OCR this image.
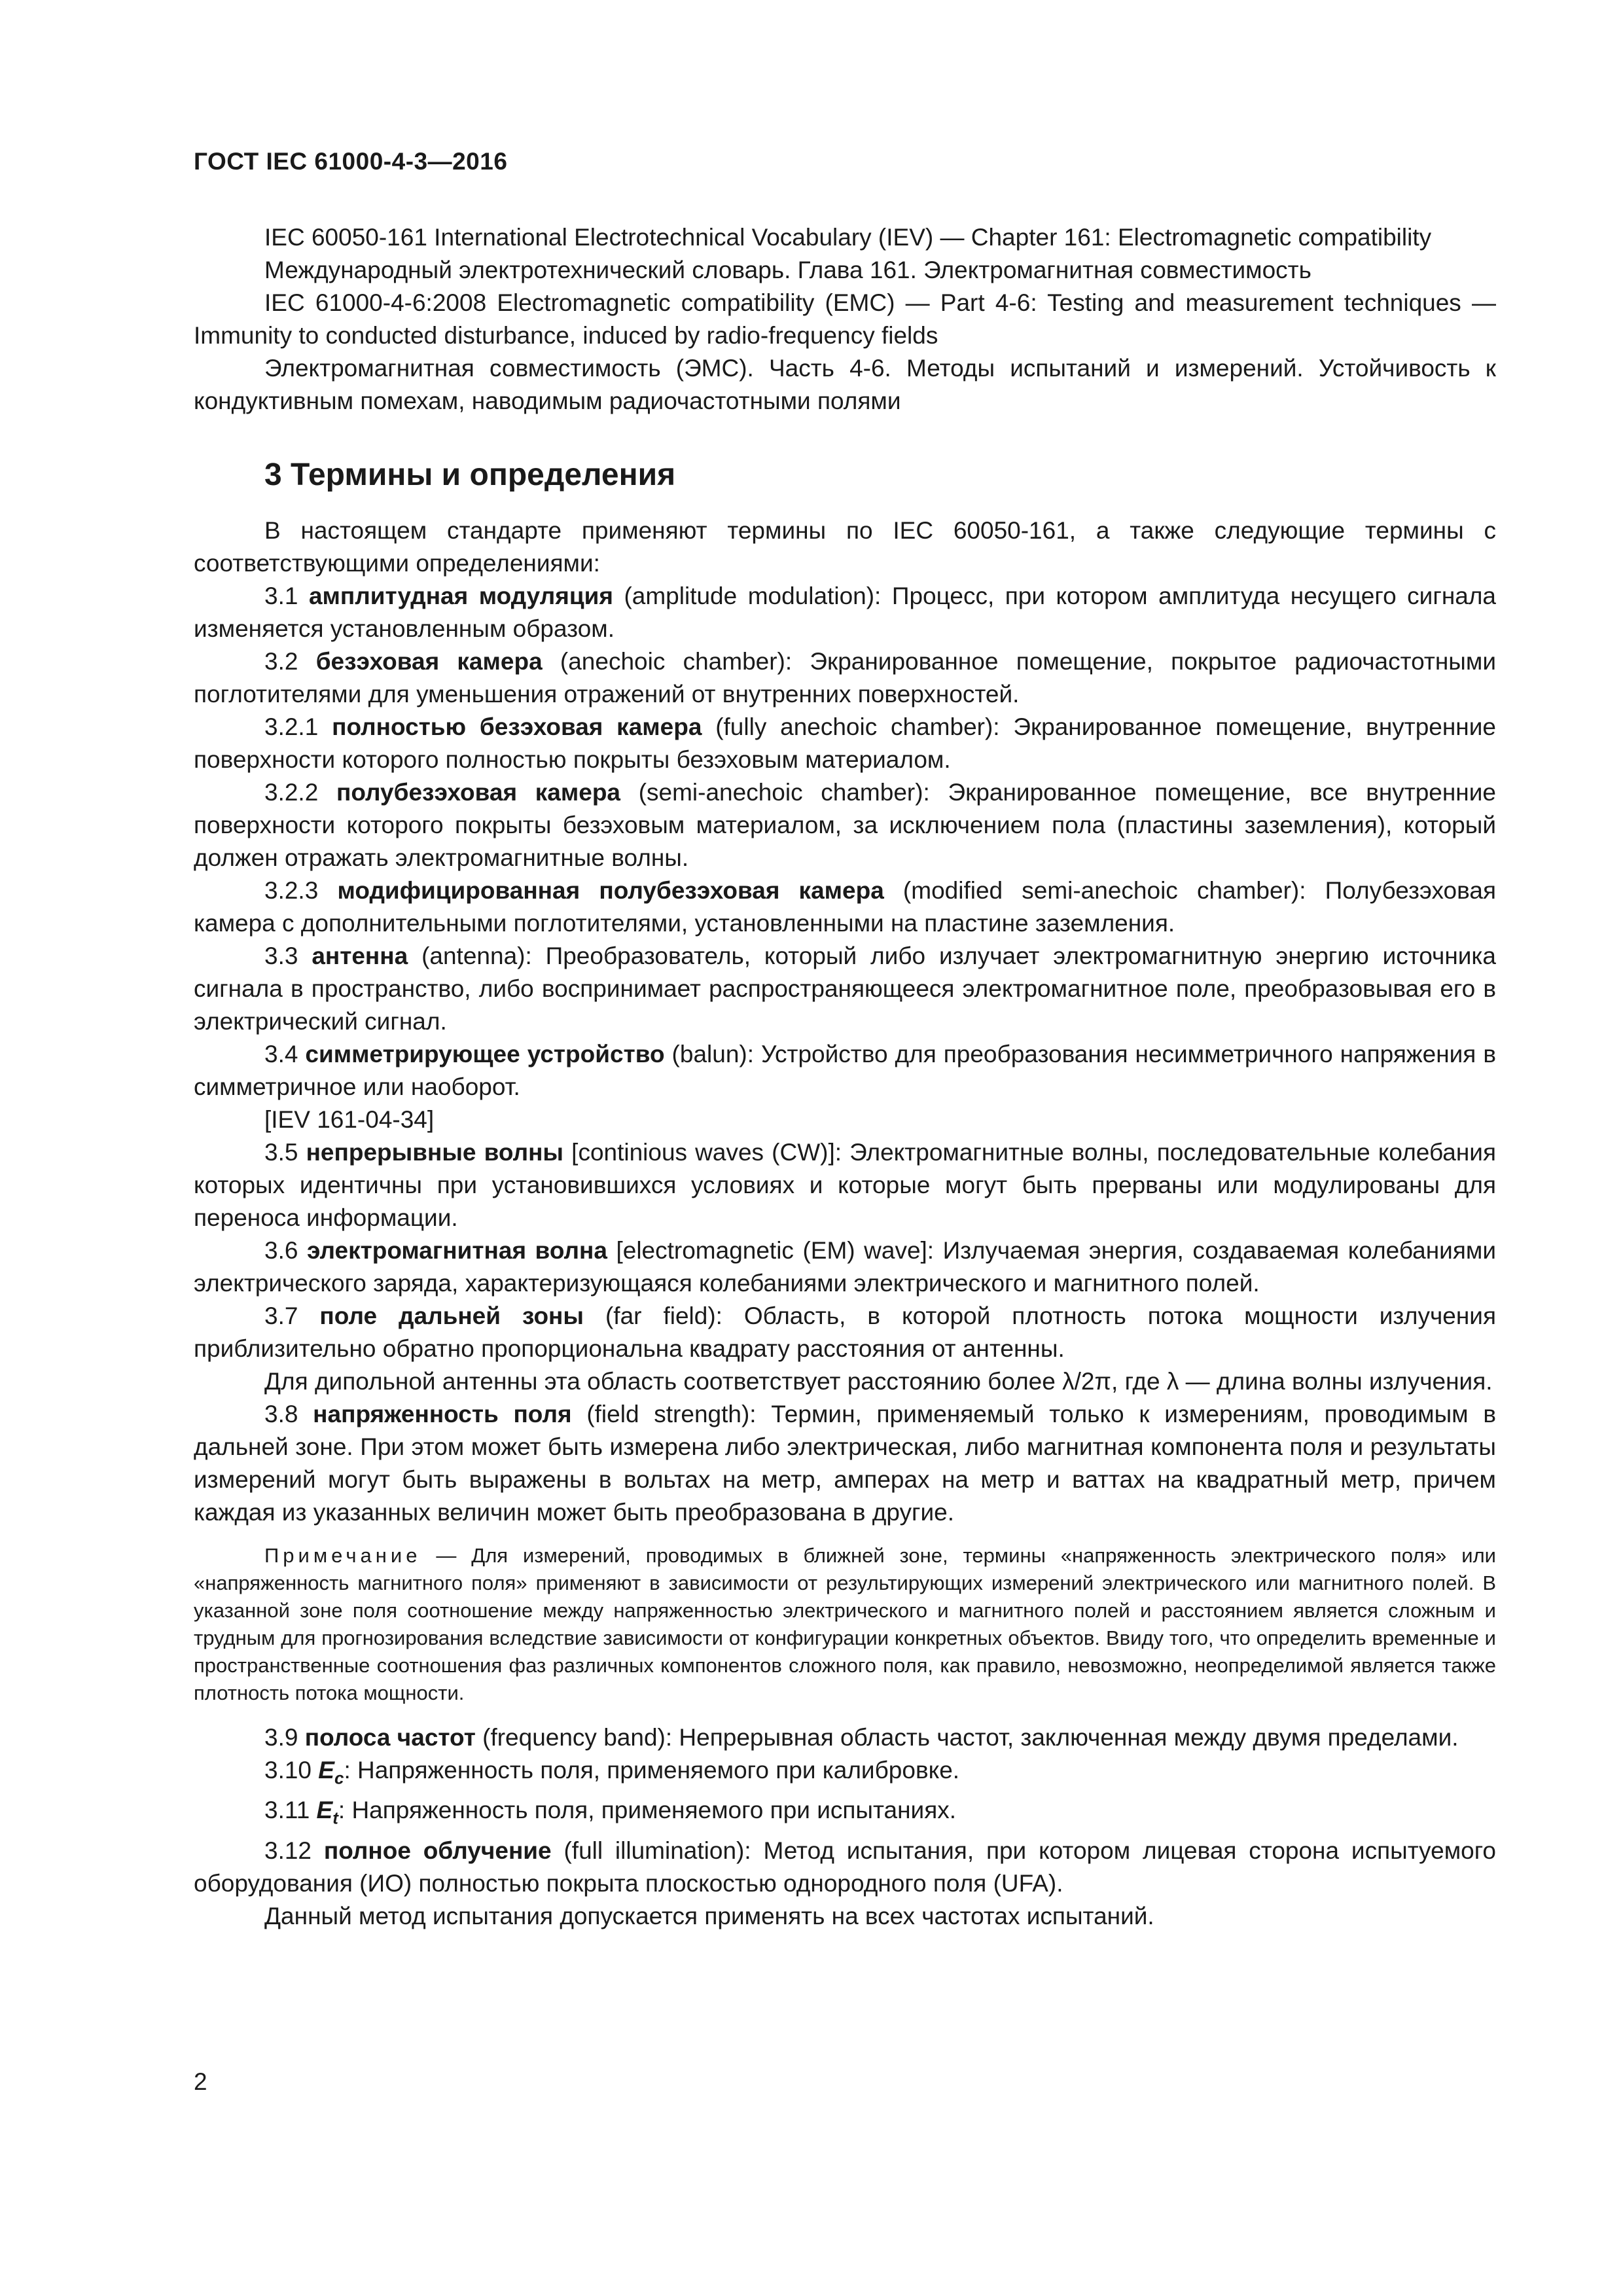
ГОСТ IEC 61000-4-3—2016

IEC 60050-161 International Electrotechnical Vocabulary (IEV) — Chapter 161: Electromagnetic compatibility

Международный электротехнический словарь. Глава 161. Электромагнитная совместимость

IEC 61000-4-6:2008 Electromagnetic compatibility (EMC) — Part 4-6: Testing and measurement techniques — Immunity to conducted disturbance, induced by radio-frequency fields

Электромагнитная совместимость (ЭМС). Часть 4-6. Методы испытаний и измерений. Устойчивость к кондуктивным помехам, наводимым радиочастотными полями

3 Термины и определения

В настоящем стандарте применяют термины по IEC 60050-161, а также следующие термины с соответствующими определениями:

3.1 амплитудная модуляция (amplitude modulation): Процесс, при котором амплитуда несущего сигнала изменяется установленным образом.

3.2 безэховая камера (anechoic chamber): Экранированное помещение, покрытое радиочастотными поглотителями для уменьшения отражений от внутренних поверхностей.

3.2.1 полностью безэховая камера (fully anechoic chamber): Экранированное помещение, внутренние поверхности которого полностью покрыты безэховым материалом.

3.2.2 полубезэховая камера (semi-anechoic chamber): Экранированное помещение, все внутренние поверхности которого покрыты безэховым материалом, за исключением пола (пластины заземления), который должен отражать электромагнитные волны.

3.2.3 модифицированная полубезэховая камера (modified semi-anechoic chamber): Полубезэховая камера с дополнительными поглотителями, установленными на пластине заземления.

3.3 антенна (antenna): Преобразователь, который либо излучает электромагнитную энергию источника сигнала в пространство, либо воспринимает распространяющееся электромагнитное поле, преобразовывая его в электрический сигнал.

3.4 симметрирующее устройство (balun): Устройство для преобразования несимметричного напряжения в симметричное или наоборот.

[IEV 161-04-34]

3.5 непрерывные волны [continious waves (CW)]: Электромагнитные волны, последовательные колебания которых идентичны при установившихся условиях и которые могут быть прерваны или модулированы для переноса информации.

3.6 электромагнитная волна [electromagnetic (EM) wave]: Излучаемая энергия, создаваемая колебаниями электрического заряда, характеризующаяся колебаниями электрического и магнитного полей.

3.7 поле дальней зоны (far field): Область, в которой плотность потока мощности излучения приблизительно обратно пропорциональна квадрату расстояния от антенны.

Для дипольной антенны эта область соответствует расстоянию более λ/2π, где λ — длина волны излучения.

3.8 напряженность поля (field strength): Термин, применяемый только к измерениям, проводимым в дальней зоне. При этом может быть измерена либо электрическая, либо магнитная компонента поля и результаты измерений могут быть выражены в вольтах на метр, амперах на метр и ваттах на квадратный метр, причем каждая из указанных величин может быть преобразована в другие.

Примечание — Для измерений, проводимых в ближней зоне, термины «напряженность электрического поля» или «напряженность магнитного поля» применяют в зависимости от результирующих измерений электрического или магнитного полей. В указанной зоне поля соотношение между напряженностью электрического и магнитного полей и расстоянием является сложным и трудным для прогнозирования вследствие зависимости от конфигурации конкретных объектов. Ввиду того, что определить временные и пространственные соотношения фаз различных компонентов сложного поля, как правило, невозможно, неопределимой является также плотность потока мощности.

3.9 полоса частот (frequency band): Непрерывная область частот, заключенная между двумя пределами.

3.10 $E_c$: Напряженность поля, применяемого при калибровке.

3.11 $E_t$: Напряженность поля, применяемого при испытаниях.

3.12 полное облучение (full illumination): Метод испытания, при котором лицевая сторона испытуемого оборудования (ИО) полностью покрыта плоскостью однородного поля (UFA).

Данный метод испытания допускается применять на всех частотах испытаний.

2
